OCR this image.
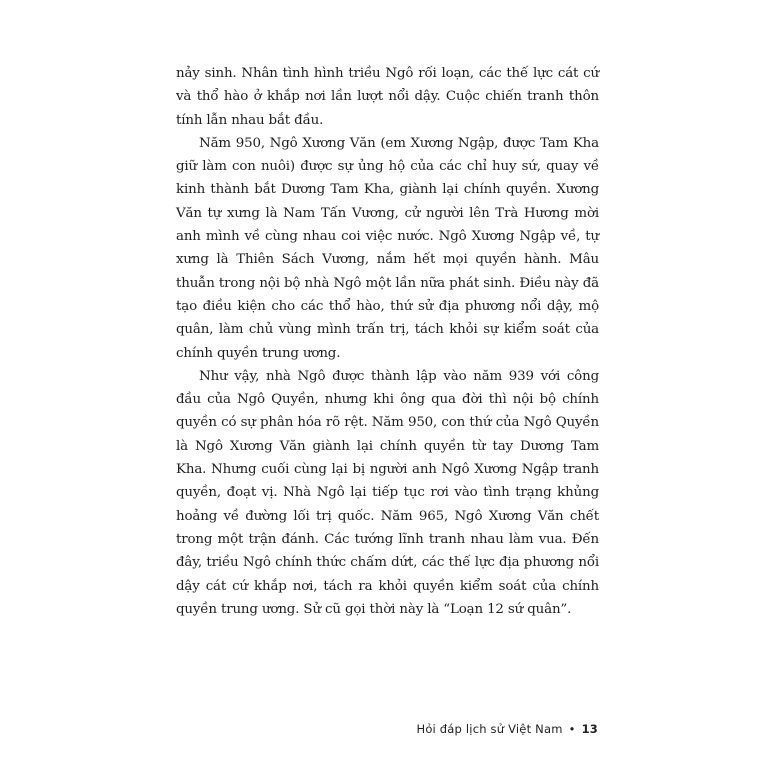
nảy sinh. Nhân tình hình triều Ngô rối loạn, các thế lực cát cứ và thổ hào ở khắp nơi lần lượt nổi dậy. Cuộc chiến tranh thôn tính lẫn nhau bắt đầu.

Năm 950, Ngô Xương Văn (em Xương Ngập, được Tam Kha giữ làm con nuôi) được sự ủng hộ của các chỉ huy sứ, quay về kinh thành bắt Dương Tam Kha, giành lại chính quyền. Xương Văn tự xưng là Nam Tấn Vương, cử người lên Trà Hương mời anh mình về cùng nhau coi việc nước. Ngô Xương Ngập về, tự xưng là Thiên Sách Vương, nắm hết mọi quyền hành. Mâu thuẫn trong nội bộ nhà Ngô một lần nữa phát sinh. Điều này đã tạo điều kiện cho các thổ hào, thứ sử địa phương nổi dậy, mộ quân, làm chủ vùng mình trấn trị, tách khỏi sự kiểm soát của chính quyền trung ương.

Như vậy, nhà Ngô được thành lập vào năm 939 với công đầu của Ngô Quyền, nhưng khi ông qua đời thì nội bộ chính quyền có sự phân hóa rõ rệt. Năm 950, con thứ của Ngô Quyền là Ngô Xương Văn giành lại chính quyền từ tay Dương Tam Kha. Nhưng cuối cùng lại bị người anh Ngô Xương Ngập tranh quyền, đoạt vị. Nhà Ngô lại tiếp tục rơi vào tình trạng khủng hoảng về đường lối trị quốc. Năm 965, Ngô Xương Văn chết trong một trận đánh. Các tướng lĩnh tranh nhau làm vua. Đến đây, triều Ngô chính thức chấm dứt, các thế lực địa phương nổi dậy cát cứ khắp nơi, tách ra khỏi quyền kiểm soát của chính quyền trung ương. Sử cũ gọi thời này là “Loạn 12 sứ quân”.

Hỏi đáp lịch sử Việt Nam • 13
